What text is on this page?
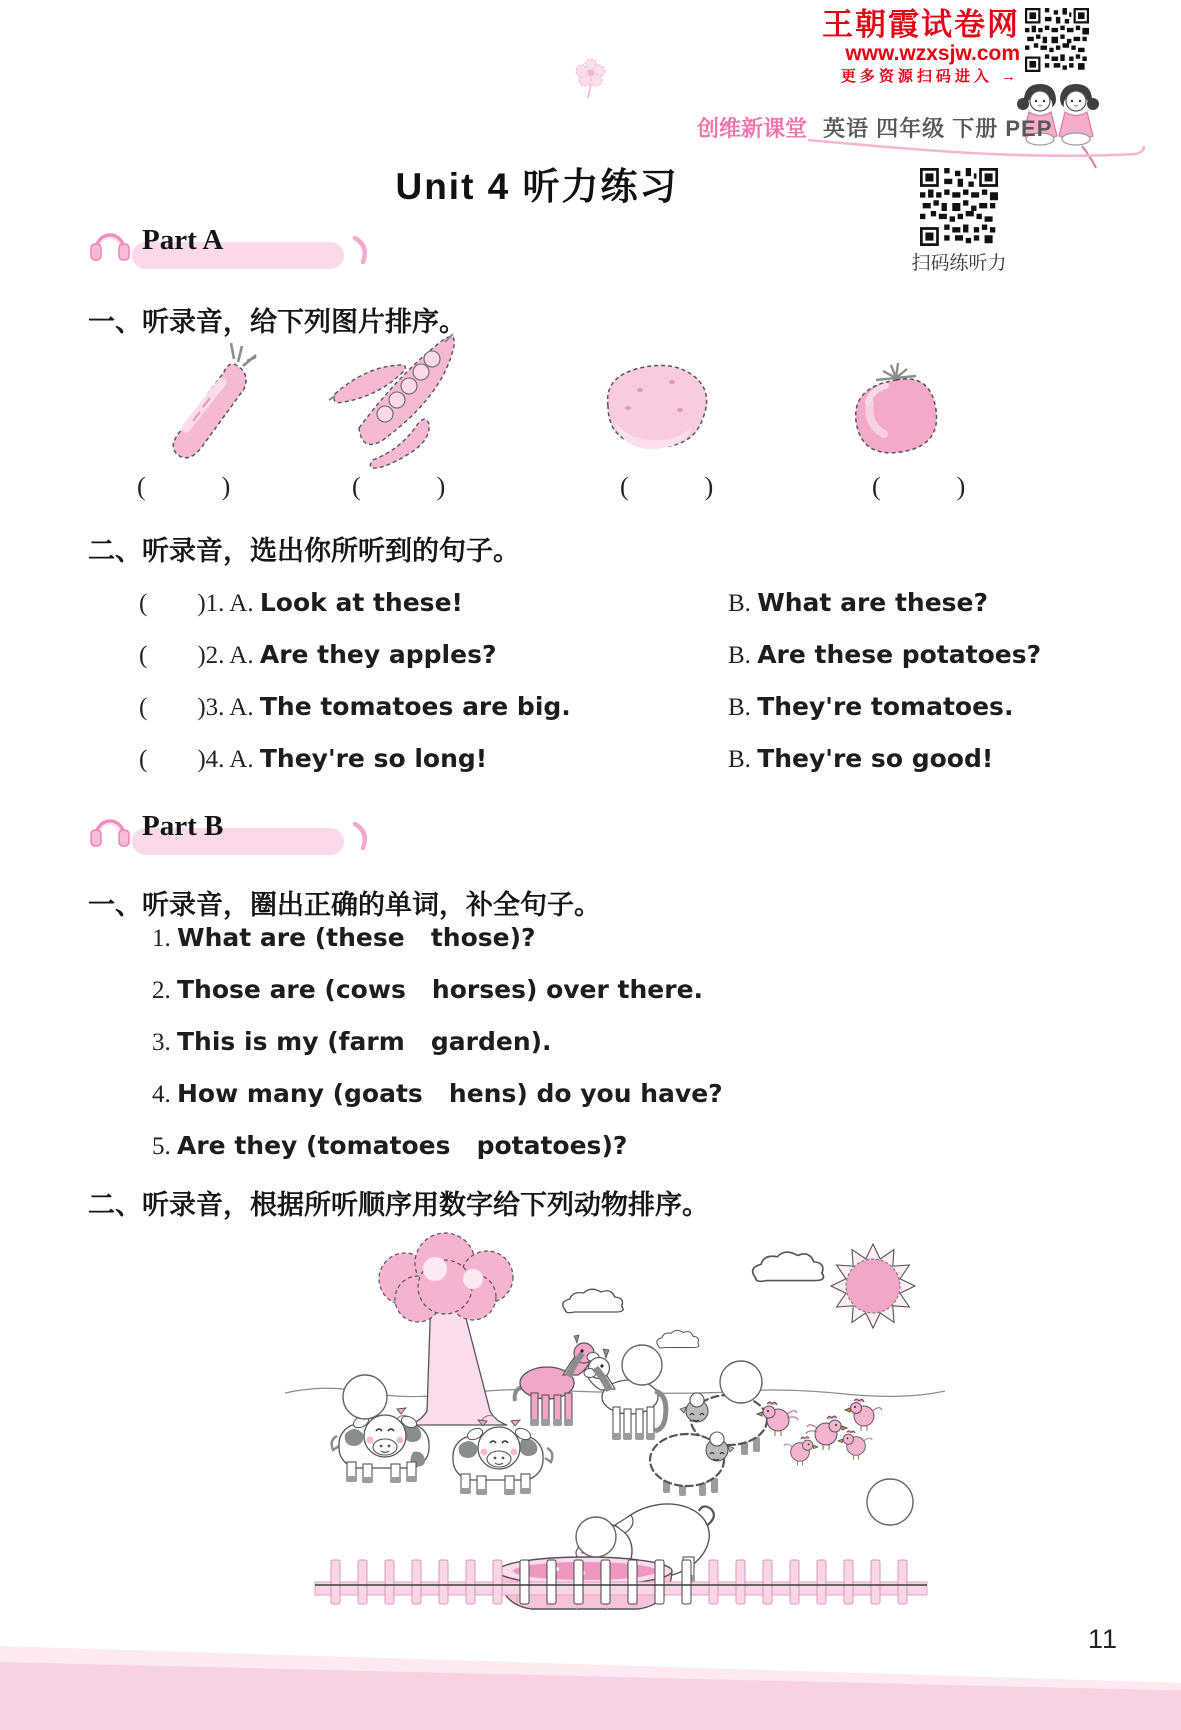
王朝霞试卷网
www.wzxsjw.com
更多资源扫码进入 →
创维新课堂 英语 四年级 下册 PEP
Unit 4 听力练习
扫码练听力
Part A
一、听录音，给下列图片排序。
(          )	(          )	(          )	(          )
二、听录音，选出你所听到的句子。
(        )1. A. Look at these!	B. What are these?
(        )2. A. Are they apples?	B. Are these potatoes?
(        )3. A. The tomatoes are big.	B. They're tomatoes.
(        )4. A. They're so long!	B. They're so good!
Part B
一、听录音，圈出正确的单词，补全句子。
1. What are (these   those)?
2. Those are (cows   horses) over there.
3. This is my (farm   garden).
4. How many (goats   hens) do you have?
5. Are they (tomatoes   potatoes)?
二、听录音，根据所听顺序用数字给下列动物排序。
11
